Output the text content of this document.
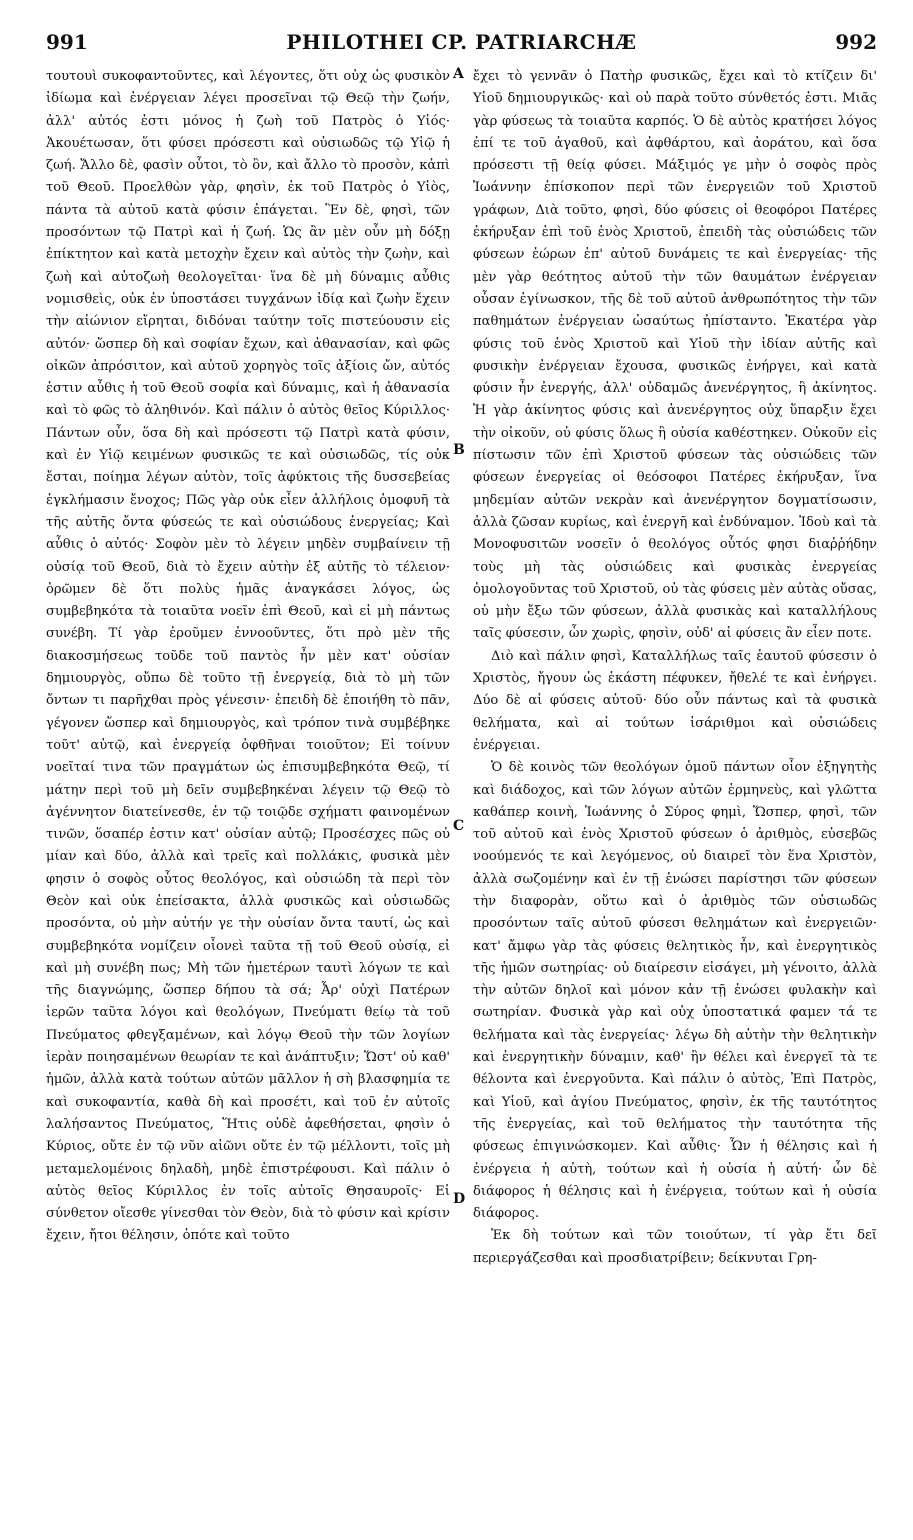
991	PHILOTHEI CP. PATRIARCHÆ	992

τουτουὶ συκοφαντοῦντες, καὶ λέγοντες, ὅτι οὐχ ὡς φυσικὸν ἰδίωμα καὶ ἐνέργειαν λέγει προσεῖναι τῷ Θεῷ τὴν ζωήν, ἀλλ' αὐτός ἐστι μόνος ἡ ζωὴ τοῦ Πατρὸς ὁ Υἱός· Ἀκουέτωσαν, ὅτι φύσει πρόσεστι καὶ οὐσιωδῶς τῷ Υἱῷ ἡ ζωή. Ἄλλο δὲ, φασὶν οὗτοι, τὸ ὂν, καὶ ἄλλο τὸ προσὸν, κἀπὶ τοῦ Θεοῦ. Προελθὼν γὰρ, φησὶν, ἐκ τοῦ Πατρὸς ὁ Υἱὸς, πάντα τὰ αὐτοῦ κατὰ φύσιν ἐπάγεται. Ἓν δὲ, φησὶ, τῶν προσόντων τῷ Πατρὶ καὶ ἡ ζωή. Ὡς ἂν μὲν οὖν μὴ δόξῃ ἐπίκτητον καὶ κατὰ μετοχὴν ἔχειν καὶ αὐτὸς τὴν ζωὴν, καὶ ζωὴ καὶ αὐτοζωὴ θεολογεῖται· ἵνα δὲ μὴ δύναμις αὖθις νομισθεὶς, οὐκ ἐν ὑποστάσει τυγχάνων ἰδίᾳ καὶ ζωὴν ἔχειν τὴν αἰώνιον εἴρηται, διδόναι ταύτην τοῖς πιστεύουσιν εἰς αὐτόν· ὥσπερ δὴ καὶ σοφίαν ἔχων, καὶ ἀθανασίαν, καὶ φῶς οἰκῶν ἀπρόσιτον, καὶ αὐτοῦ χορηγὸς τοῖς ἀξίοις ὤν, αὐτός ἐστιν αὖθις ἡ τοῦ Θεοῦ σοφία καὶ δύναμις, καὶ ἡ ἀθανασία καὶ τὸ φῶς τὸ ἀληθινόν. Καὶ πάλιν ὁ αὐτὸς θεῖος Κύριλλος· Πάντων οὖν, ὅσα δὴ καὶ πρόσεστι τῷ Πατρὶ κατὰ φύσιν, καὶ ἐν Υἱῷ κειμένων φυσικῶς τε καὶ οὐσιωδῶς, τίς οὐκ ἔσται, ποίημα λέγων αὐτὸν, τοῖς ἀφύκτοις τῆς δυσσεβείας ἐγκλήμασιν ἔνοχος; Πῶς γὰρ οὐκ εἶεν ἀλλήλοις ὁμοφυῆ τὰ τῆς αὐτῆς ὄντα φύσεώς τε καὶ οὐσιώδους ἐνεργείας; Καὶ αὖθις ὁ αὐτός· Σοφὸν μὲν τὸ λέγειν μηδὲν συμβαίνειν τῇ οὐσίᾳ τοῦ Θεοῦ, διὰ τὸ ἔχειν αὐτὴν ἐξ αὐτῆς τὸ τέλειον· ὁρῶμεν δὲ ὅτι πολὺς ἡμᾶς ἀναγκάσει λόγος, ὡς συμβεβηκότα τὰ τοιαῦτα νοεῖν ἐπὶ Θεοῦ, καὶ εἰ μὴ πάντως συνέβη. Τί γὰρ ἐροῦμεν ἐννοοῦντες, ὅτι πρὸ μὲν τῆς διακοσμήσεως τοῦδε τοῦ παντὸς ἦν μὲν κατ' οὐσίαν δημιουργὸς, οὔπω δὲ τοῦτο τῇ ἐνεργείᾳ, διὰ τὸ μὴ τῶν ὄντων τι παρῆχθαι πρὸς γένεσιν· ἐπειδὴ δὲ ἐποιήθη τὸ πᾶν, γέγονεν ὥσπερ καὶ δημιουργὸς, καὶ τρόπον τινὰ συμβέβηκε τοῦτ' αὐτῷ, καὶ ἐνεργείᾳ ὀφθῆναι τοιοῦτον; Εἰ τοίνυν νοεῖταί τινα τῶν πραγμάτων ὡς ἐπισυμβεβηκότα Θεῷ, τί μάτην περὶ τοῦ μὴ δεῖν συμβεβηκέναι λέγειν τῷ Θεῷ τὸ ἀγέννητον διατείνεσθε, ἐν τῷ τοιῷδε σχήματι φαινομένων τινῶν, ὅσαπέρ ἐστιν κατ' οὐσίαν αὐτῷ; Προσέσχες πῶς οὐ μίαν καὶ δύο, ἀλλὰ καὶ τρεῖς καὶ πολλάκις, φυσικὰ μὲν φησιν ὁ σοφὸς οὗτος θεολόγος, καὶ οὐσιώδη τὰ περὶ τὸν Θεὸν καὶ οὐκ ἐπείσακτα, ἀλλὰ φυσικῶς καὶ οὐσιωδῶς προσόντα, οὐ μὴν αὐτήν γε τὴν οὐσίαν ὄντα ταυτί, ὡς καὶ συμβεβηκότα νομίζειν οἶονεὶ ταῦτα τῇ τοῦ Θεοῦ οὐσίᾳ, εἰ καὶ μὴ συνέβη πως; Μὴ τῶν ἡμετέρων ταυτὶ λόγων τε καὶ τῆς διαγνώμης, ὥσπερ δήπου τὰ σά; Ἆρ' οὐχὶ Πατέρων ἱερῶν ταῦτα λόγοι καὶ θεολόγων, Πνεύματι θείῳ τὰ τοῦ Πνεύματος φθεγξαμένων, καὶ λόγῳ Θεοῦ τὴν τῶν λογίων ἱερὰν ποιησαμένων θεωρίαν τε καὶ ἀνάπτυξιν; Ὥστ' οὐ καθ' ἡμῶν, ἀλλὰ κατὰ τούτων αὐτῶν μᾶλλον ἡ σὴ βλασφημία τε καὶ συκοφαντία, καθὰ δὴ καὶ προσέτι, καὶ τοῦ ἐν αὐτοῖς λαλήσαντος Πνεύματος, Ἥτις οὐδὲ ἀφεθήσεται, φησὶν ὁ Κύριος, οὔτε ἐν τῷ νῦν αἰῶνι οὔτε ἐν τῷ μέλλοντι, τοῖς μὴ μεταμελομένοις δηλαδὴ, μηδὲ ἐπιστρέφουσι. Καὶ πάλιν ὁ αὐτὸς θεῖος Κύριλλος ἐν τοῖς αὐτοῖς Θησαυροῖς· Εἰ σύνθετον οἴεσθε γίνεσθαι τὸν Θεὸν, διὰ τὸ φύσιν καὶ κρίσιν ἔχειν, ἤτοι θέλησιν, ὁπότε καὶ τοῦτο

A
B
C
D

ἔχει τὸ γεννᾶν ὁ Πατὴρ φυσικῶς, ἔχει καὶ τὸ κτίζειν δι' Υἱοῦ δημιουργικῶς· καὶ οὐ παρὰ τοῦτο σύνθετός ἐστι. Μιᾶς γὰρ φύσεως τὰ τοιαῦτα καρπός. Ὁ δὲ αὐτὸς κρατήσει λόγος ἐπί τε τοῦ ἀγαθοῦ, καὶ ἀφθάρτου, καὶ ἀοράτου, καὶ ὅσα πρόσεστι τῇ θείᾳ φύσει. Μάξιμός γε μὴν ὁ σοφὸς πρὸς Ἰωάννην ἐπίσκοπον περὶ τῶν ἐνεργειῶν τοῦ Χριστοῦ γράφων, Διὰ τοῦτο, φησὶ, δύο φύσεις οἱ θεοφόροι Πατέρες ἐκήρυξαν ἐπὶ τοῦ ἑνὸς Χριστοῦ, ἐπειδὴ τὰς οὐσιώδεις τῶν φύσεων ἑώρων ἐπ' αὐτοῦ δυνάμεις τε καὶ ἐνεργείας· τῆς μὲν γὰρ θεότητος αὐτοῦ τὴν τῶν θαυμάτων ἐνέργειαν οὖσαν ἐγίνωσκον, τῆς δὲ τοῦ αὐτοῦ ἀνθρωπότητος τὴν τῶν παθημάτων ἐνέργειαν ὡσαύτως ἠπίσταντο. Ἑκατέρα γὰρ φύσις τοῦ ἑνὸς Χριστοῦ καὶ Υἱοῦ τὴν ἰδίαν αὐτῆς καὶ φυσικὴν ἐνέργειαν ἔχουσα, φυσικῶς ἐνήργει, καὶ κατὰ φύσιν ἦν ἐνεργής, ἀλλ' οὐδαμῶς ἀνενέργητος, ἢ ἀκίνητος. Ἡ γὰρ ἀκίνητος φύσις καὶ ἀνενέργητος οὐχ ὕπαρξιν ἔχει τὴν οἰκοῦν, οὐ φύσις ὅλως ἢ οὐσία καθέστηκεν. Οὐκοῦν εἰς πίστωσιν τῶν ἐπὶ Χριστοῦ φύσεων τὰς οὐσιώδεις τῶν φύσεων ἐνεργείας οἱ θεόσοφοι Πατέρες ἐκήρυξαν, ἵνα μηδεμίαν αὐτῶν νεκρὰν καὶ ἀνενέργητον δογματίσωσιν, ἀλλὰ ζῶσαν κυρίως, καὶ ἐνεργῆ καὶ ἐνδύναμον. Ἰδοὺ καὶ τὰ Μονοφυσιτῶν νοσεῖν ὁ θεολόγος οὗτός φησι διαῤῥήδην τοὺς μὴ τὰς οὐσιώδεις καὶ φυσικὰς ἐνεργείας ὁμολογοῦντας τοῦ Χριστοῦ, οὐ τὰς φύσεις μὲν αὐτὰς οὔσας, οὐ μὴν ἔξω τῶν φύσεων, ἀλλὰ φυσικὰς καὶ καταλλήλους ταῖς φύσεσιν, ὧν χωρὶς, φησὶν, οὐδ' αἱ φύσεις ἂν εἶεν ποτε.

Διὸ καὶ πάλιν φησὶ, Καταλλήλως ταῖς ἑαυτοῦ φύσεσιν ὁ Χριστὸς, ἤγουν ὡς ἑκάστη πέφυκεν, ἤθελέ τε καὶ ἐνήργει. Δύο δὲ αἱ φύσεις αὐτοῦ· δύο οὖν πάντως καὶ τὰ φυσικὰ θελήματα, καὶ αἱ τούτων ἰσάριθμοι καὶ οὐσιώδεις ἐνέργειαι.

Ὁ δὲ κοινὸς τῶν θεολόγων ὁμοῦ πάντων οἷον ἐξηγητὴς καὶ διάδοχος, καὶ τῶν λόγων αὐτῶν ἑρμηνεὺς, καὶ γλῶττα καθάπερ κοινὴ, Ἰωάννης ὁ Σύρος φημὶ, Ὥσπερ, φησὶ, τῶν τοῦ αὐτοῦ καὶ ἑνὸς Χριστοῦ φύσεων ὁ ἀριθμὸς, εὐσεβῶς νοούμενός τε καὶ λεγόμενος, οὐ διαιρεῖ τὸν ἕνα Χριστὸν, ἀλλὰ σωζομένην καὶ ἐν τῇ ἑνώσει παρίστησι τῶν φύσεων τὴν διαφορὰν, οὕτω καὶ ὁ ἀριθμὸς τῶν οὐσιωδῶς προσόντων ταῖς αὐτοῦ φύσεσι θελημάτων καὶ ἐνεργειῶν· κατ' ἄμφω γὰρ τὰς φύσεις θελητικὸς ἦν, καὶ ἐνεργητικὸς τῆς ἡμῶν σωτηρίας· οὐ διαίρεσιν εἰσάγει, μὴ γένοιτο, ἀλλὰ τὴν αὐτῶν δηλοῖ καὶ μόνον κἀν τῇ ἑνώσει φυλακὴν καὶ σωτηρίαν. Φυσικὰ γὰρ καὶ οὐχ ὑποστατικά φαμεν τά τε θελήματα καὶ τὰς ἐνεργείας· λέγω δὴ αὐτὴν τὴν θελητικὴν καὶ ἐνεργητικὴν δύναμιν, καθ' ἣν θέλει καὶ ἐνεργεῖ τὰ τε θέλοντα καὶ ἐνεργοῦντα. Καὶ πάλιν ὁ αὐτὸς, Ἐπὶ Πατρὸς, καὶ Υἱοῦ, καὶ ἁγίου Πνεύματος, φησὶν, ἐκ τῆς ταυτότητος τῆς ἐνεργείας, καὶ τοῦ θελήματος τὴν ταυτότητα τῆς φύσεως ἐπιγινώσκομεν. Καὶ αὖθις· Ὧν ἡ θέλησις καὶ ἡ ἐνέργεια ἡ αὐτὴ, τούτων καὶ ἡ οὐσία ἡ αὐτή· ὧν δὲ διάφορος ἡ θέλησις καὶ ἡ ἐνέργεια, τούτων καὶ ἡ οὐσία διάφορος.

Ἐκ δὴ τούτων καὶ τῶν τοιούτων, τί γὰρ ἔτι δεῖ περιεργάζεσθαι καὶ προσδιατρίβειν; δείκνυται Γρη-
